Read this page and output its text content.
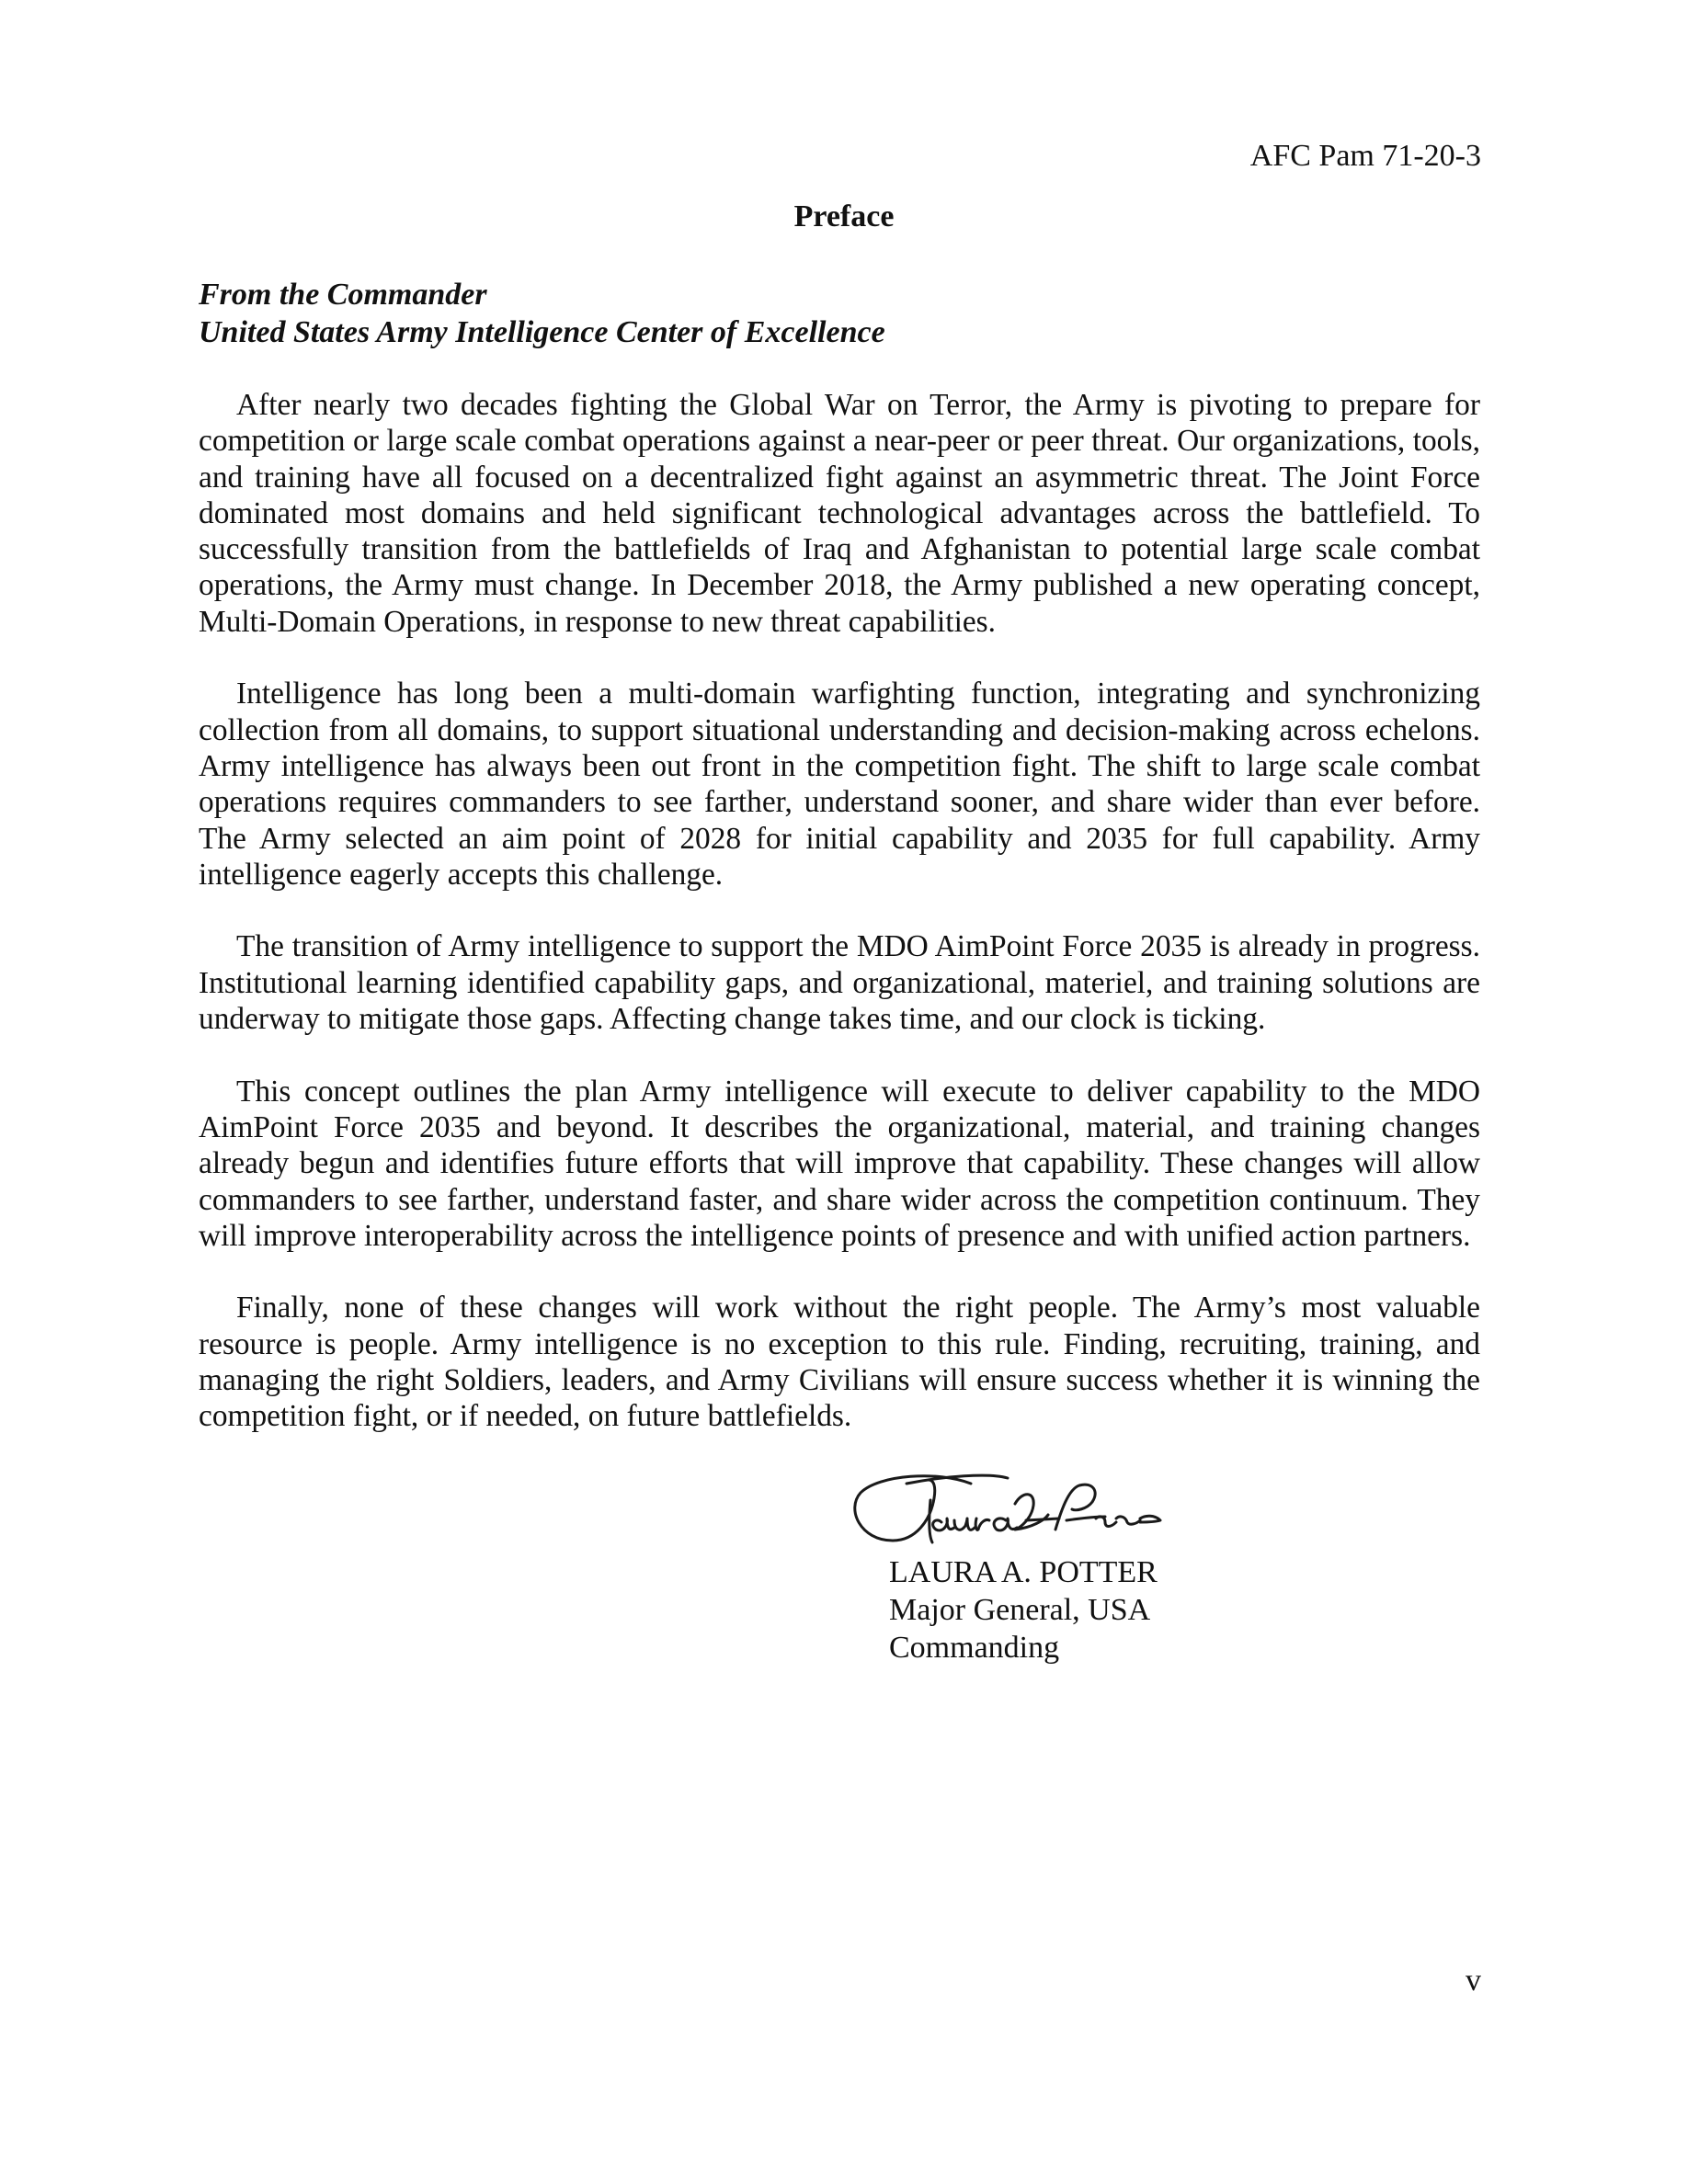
AFC Pam 71-20-3
Preface
From the Commander
United States Army Intelligence Center of Excellence

After nearly two decades fighting the Global War on Terror, the Army is pivoting to prepare for competition or large scale combat operations against a near-peer or peer threat. Our organizations, tools, and training have all focused on a decentralized fight against an asymmetric threat. The Joint Force dominated most domains and held significant technological advantages across the battlefield. To successfully transition from the battlefields of Iraq and Afghanistan to potential large scale combat operations, the Army must change. In December 2018, the Army published a new operating concept, Multi-Domain Operations, in response to new threat capabilities.

Intelligence has long been a multi-domain warfighting function, integrating and synchronizing collection from all domains, to support situational understanding and decision-making across echelons. Army intelligence has always been out front in the competition fight. The shift to large scale combat operations requires commanders to see farther, understand sooner, and share wider than ever before. The Army selected an aim point of 2028 for initial capability and 2035 for full capability. Army intelligence eagerly accepts this challenge.

The transition of Army intelligence to support the MDO AimPoint Force 2035 is already in progress. Institutional learning identified capability gaps, and organizational, materiel, and training solutions are underway to mitigate those gaps. Affecting change takes time, and our clock is ticking.

This concept outlines the plan Army intelligence will execute to deliver capability to the MDO AimPoint Force 2035 and beyond. It describes the organizational, material, and training changes already begun and identifies future efforts that will improve that capability. These changes will allow commanders to see farther, understand faster, and share wider across the competition continuum. They will improve interoperability across the intelligence points of presence and with unified action partners.

Finally, none of these changes will work without the right people. The Army’s most valuable resource is people. Army intelligence is no exception to this rule. Finding, recruiting, training, and managing the right Soldiers, leaders, and Army Civilians will ensure success whether it is winning the competition fight, or if needed, on future battlefields.

LAURA A. POTTER
Major General, USA
Commanding
v
